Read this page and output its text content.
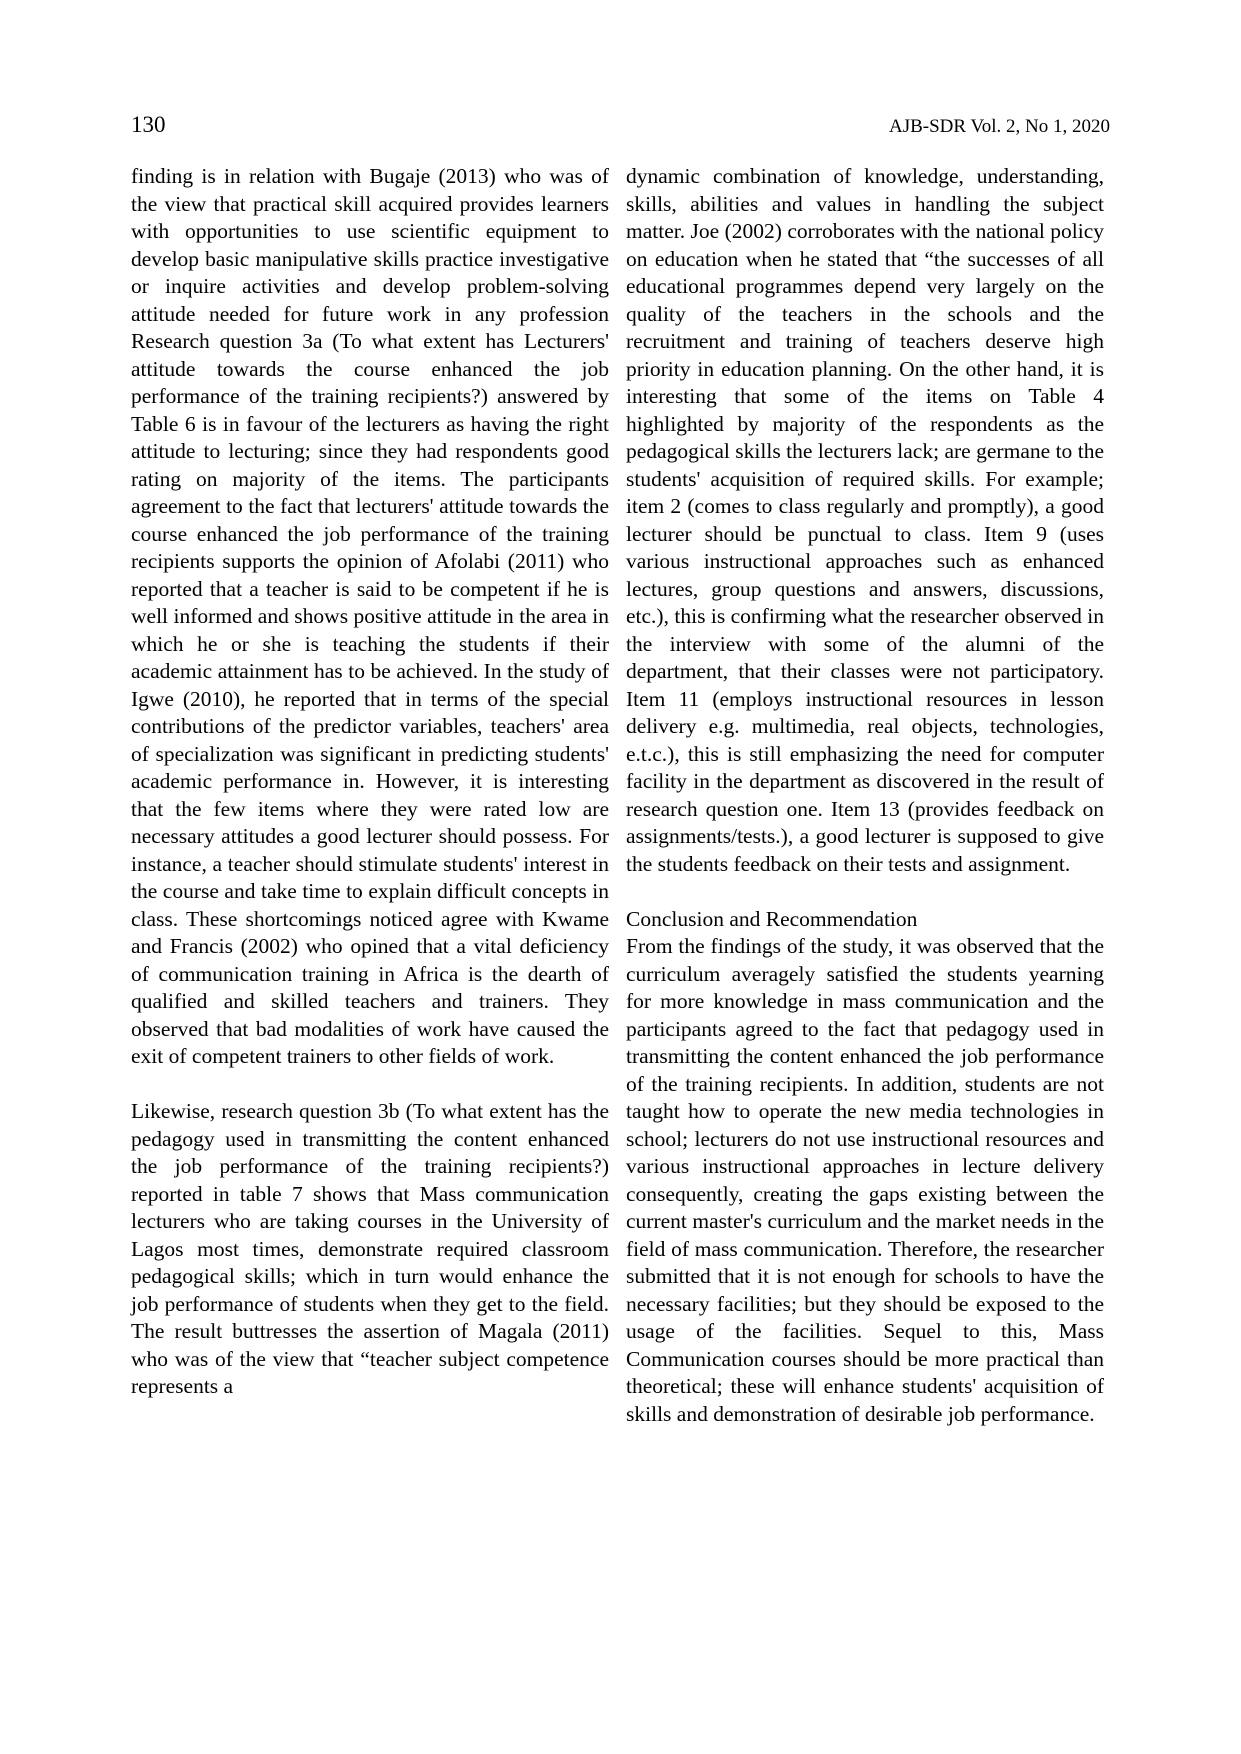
130	AJB-SDR Vol. 2, No 1, 2020

finding is in relation with Bugaje (2013) who was of the view that practical skill acquired provides learners with opportunities to use scientific equipment to develop basic manipulative skills practice investigative or inquire activities and develop problem-solving attitude needed for future work in any profession Research question 3a (To what extent has Lecturers' attitude towards the course enhanced the job performance of the training recipients?) answered by Table 6 is in favour of the lecturers as having the right attitude to lecturing; since they had respondents good rating on majority of the items. The participants agreement to the fact that lecturers' attitude towards the course enhanced the job performance of the training recipients supports the opinion of Afolabi (2011) who reported that a teacher is said to be competent if he is well informed and shows positive attitude in the area in which he or she is teaching the students if their academic attainment has to be achieved. In the study of Igwe (2010), he reported that in terms of the special contributions of the predictor variables, teachers' area of specialization was significant in predicting students' academic performance in. However, it is interesting that the few items where they were rated low are necessary attitudes a good lecturer should possess. For instance, a teacher should stimulate students' interest in the course and take time to explain difficult concepts in class. These shortcomings noticed agree with Kwame and Francis (2002) who opined that a vital deficiency of communication training in Africa is the dearth of qualified and skilled teachers and trainers. They observed that bad modalities of work have caused the exit of competent trainers to other fields of work.

Likewise, research question 3b (To what extent has the pedagogy used in transmitting the content enhanced the job performance of the training recipients?) reported in table 7 shows that Mass communication lecturers who are taking courses in the University of Lagos most times, demonstrate required classroom pedagogical skills; which in turn would enhance the job performance of students when they get to the field. The result buttresses the assertion of Magala (2011) who was of the view that “teacher subject competence represents a

dynamic combination of knowledge, understanding, skills, abilities and values in handling the subject matter. Joe (2002) corroborates with the national policy on education when he stated that “the successes of all educational programmes depend very largely on the quality of the teachers in the schools and the recruitment and training of teachers deserve high priority in education planning. On the other hand, it is interesting that some of the items on Table 4 highlighted by majority of the respondents as the pedagogical skills the lecturers lack; are germane to the students' acquisition of required skills. For example; item 2 (comes to class regularly and promptly), a good lecturer should be punctual to class. Item 9 (uses various instructional approaches such as enhanced lectures, group questions and answers, discussions, etc.), this is confirming what the researcher observed in the interview with some of the alumni of the department, that their classes were not participatory. Item 11 (employs instructional resources in lesson delivery e.g. multimedia, real objects, technologies, e.t.c.), this is still emphasizing the need for computer facility in the department as discovered in the result of research question one. Item 13 (provides feedback on assignments/tests.), a good lecturer is supposed to give the students feedback on their tests and assignment.

Conclusion and Recommendation

From the findings of the study, it was observed that the curriculum averagely satisfied the students yearning for more knowledge in mass communication and the participants agreed to the fact that pedagogy used in transmitting the content enhanced the job performance of the training recipients. In addition, students are not taught how to operate the new media technologies in school; lecturers do not use instructional resources and various instructional approaches in lecture delivery consequently, creating the gaps existing between the current master's curriculum and the market needs in the field of mass communication. Therefore, the researcher submitted that it is not enough for schools to have the necessary facilities; but they should be exposed to the usage of the facilities. Sequel to this, Mass Communication courses should be more practical than theoretical; these will enhance students' acquisition of skills and demonstration of desirable job performance.
